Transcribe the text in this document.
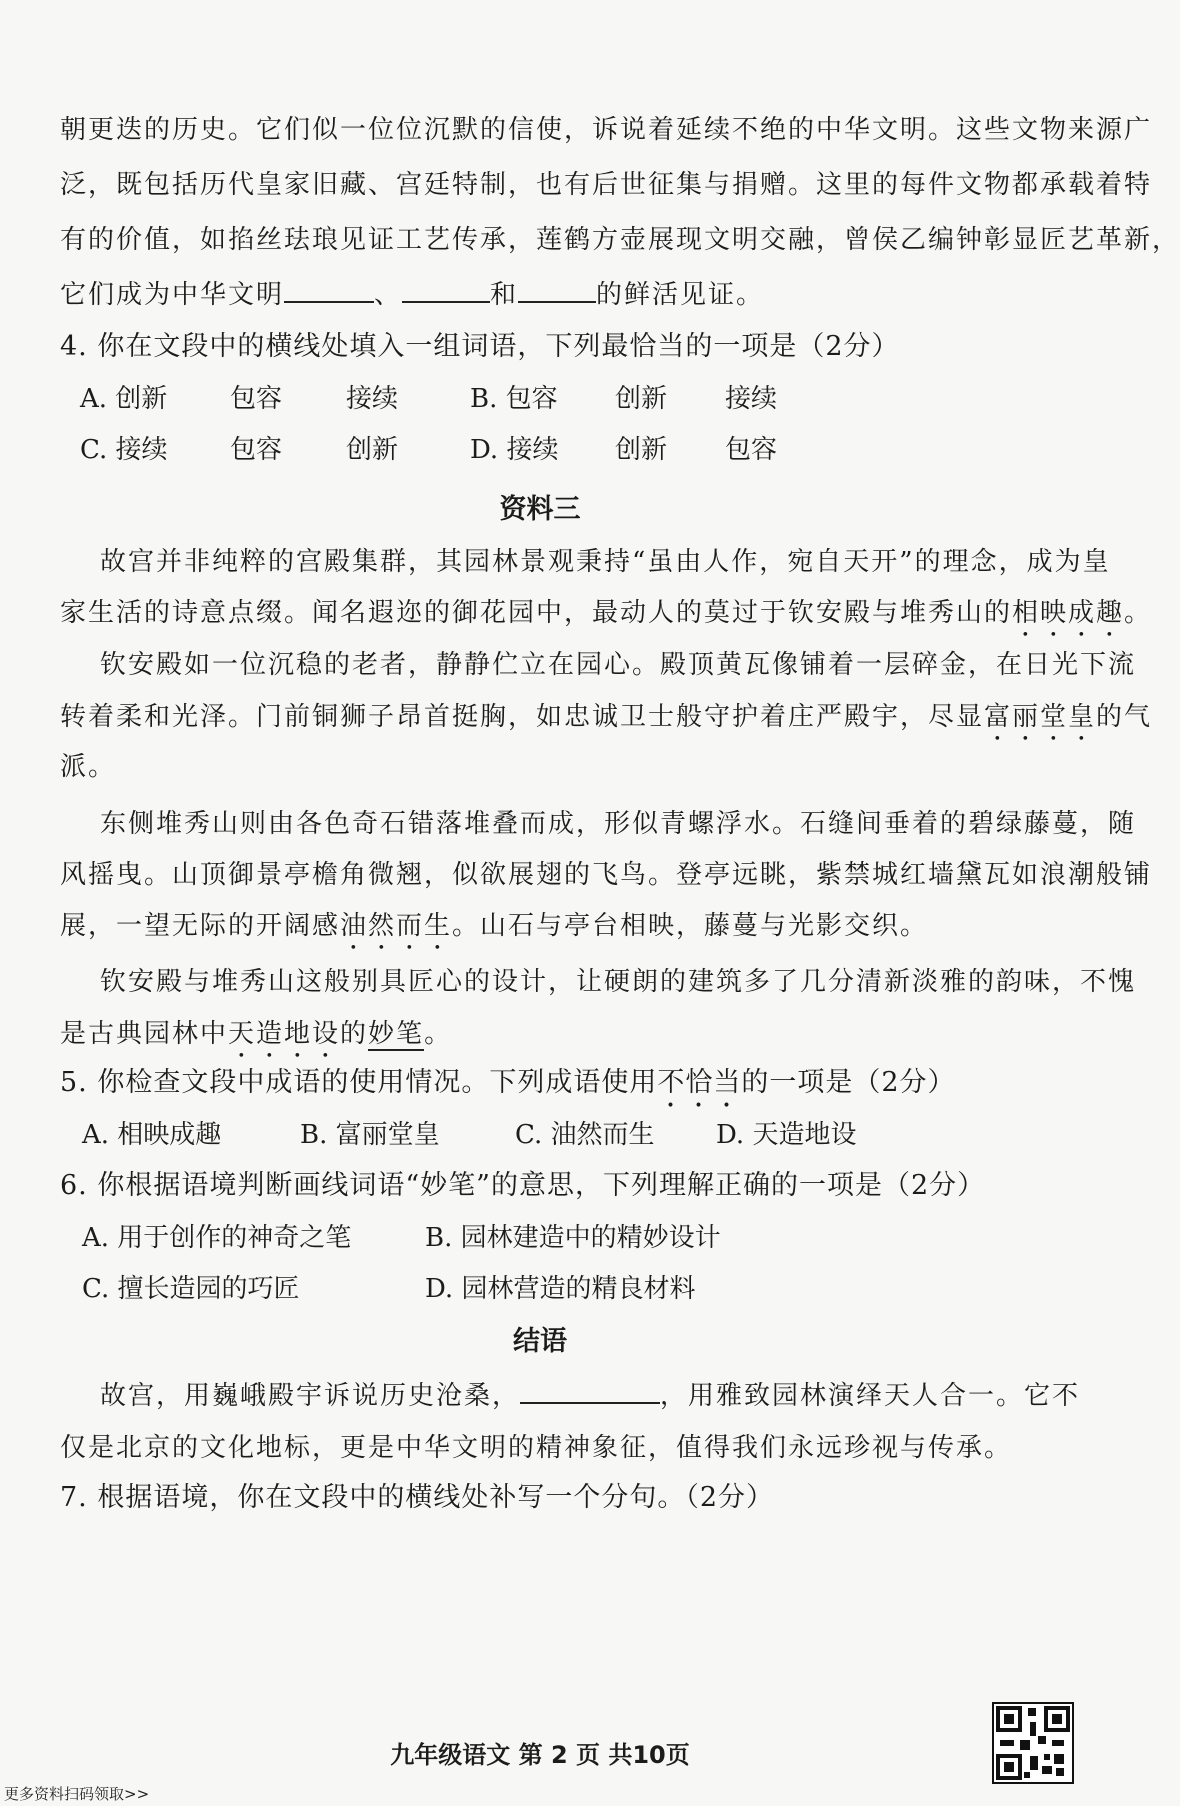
朝更迭的历史。它们似一位位沉默的信使，诉说着延续不绝的中华文明。这些文物来源广
泛，既包括历代皇家旧藏、宫廷特制，也有后世征集与捐赠。这里的每件文物都承载着特
有的价值，如掐丝珐琅见证工艺传承，莲鹤方壶展现文明交融，曾侯乙编钟彰显匠艺革新，
它们成为中华文明	、	和	的鲜活见证。
4. 你在文段中的横线处填入一组词语，下列最恰当的一项是（2分）
A. 创新 包容 接续	B. 包容 创新 接续
C. 接续 包容 创新	D. 接续 创新 包容
资料三
故宫并非纯粹的宫殿集群，其园林景观秉持“虽由人作，宛自天开”的理念，成为皇
家生活的诗意点缀。闻名遐迩的御花园中，最动人的莫过于钦安殿与堆秀山的相映成趣。
钦安殿如一位沉稳的老者，静静伫立在园心。殿顶黄瓦像铺着一层碎金，在日光下流
转着柔和光泽。门前铜狮子昂首挺胸，如忠诚卫士般守护着庄严殿宇，尽显富丽堂皇的气
派。
东侧堆秀山则由各色奇石错落堆叠而成，形似青螺浮水。石缝间垂着的碧绿藤蔓，随
风摇曳。山顶御景亭檐角微翘，似欲展翅的飞鸟。登亭远眺，紫禁城红墙黛瓦如浪潮般铺
展，一望无际的开阔感油然而生。山石与亭台相映，藤蔓与光影交织。
钦安殿与堆秀山这般别具匠心的设计，让硬朗的建筑多了几分清新淡雅的韵味，不愧
是古典园林中天造地设的妙笔。
5. 你检查文段中成语的使用情况。下列成语使用不恰当的一项是（2分）
A. 相映成趣	B. 富丽堂皇	C. 油然而生 D. 天造地设
6. 你根据语境判断画线词语“妙笔”的意思，下列理解正确的一项是（2分）
A. 用于创作的神奇之笔	B. 园林建造中的精妙设计
C. 擅长造园的巧匠	D. 园林营造的精良材料
结语
故宫，用巍峨殿宇诉说历史沧桑，	，用雅致园林演绎天人合一。它不
仅是北京的文化地标，更是中华文明的精神象征，值得我们永远珍视与传承。
7. 根据语境，你在文段中的横线处补写一个分句。（2分）
九年级语文 第 2 页 共10页
更多资料扫码领取>>
